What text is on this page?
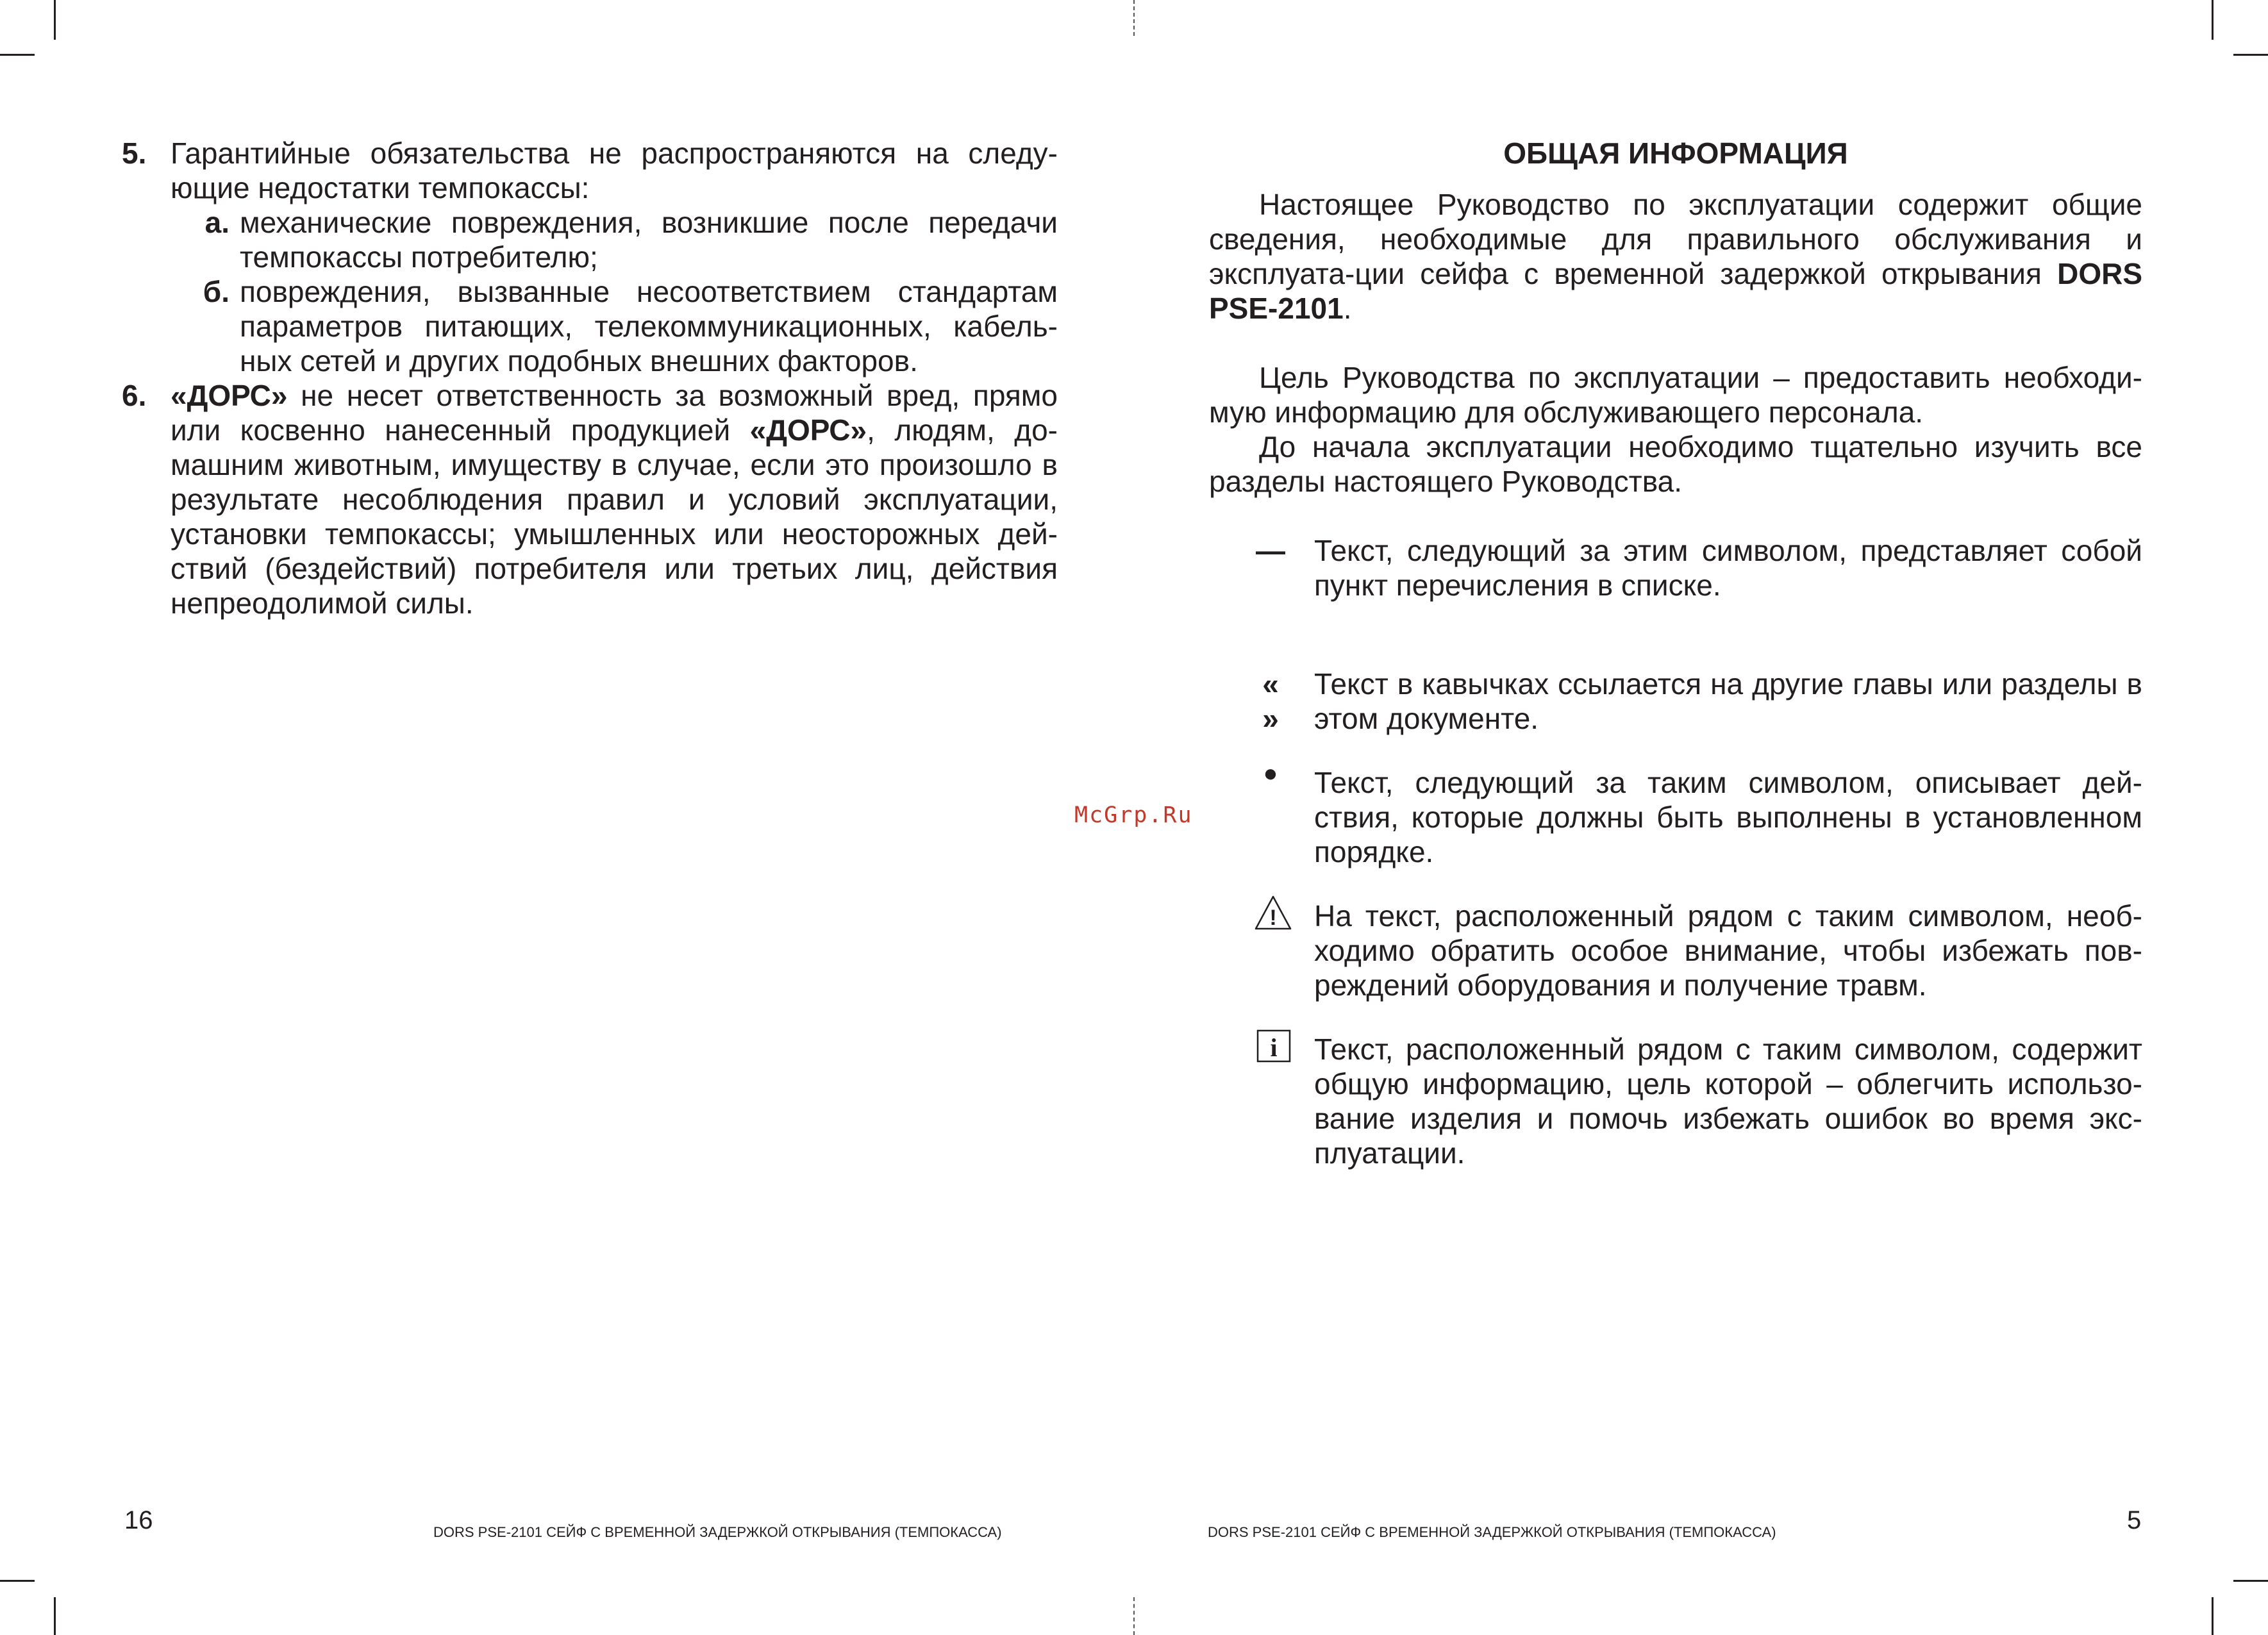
5. Гарантийные обязательства не распространяются на следу-ющие недостатки темпокассы:
а. механические повреждения, возникшие после передачи темпокассы потребителю;
б. повреждения, вызванные несоответствием стандартам параметров питающих, телекоммуникационных, кабель-ных сетей и других подобных внешних факторов.
6. «ДОРС» не несет ответственность за возможный вред, прямо или косвенно нанесенный продукцией «ДОРС», людям, до-машним животным, имуществу в случае, если это произошло в результате несоблюдения правил и условий эксплуатации, установки темпокассы; умышленных или неосторожных дей-ствий (бездействий) потребителя или третьих лиц, действия непреодолимой силы.
16	DORS PSE-2101 СЕЙФ С ВРЕМЕННОЙ ЗАДЕРЖКОЙ ОТКРЫВАНИЯ (ТЕМПОКАССА)
McGrp.Ru
ОБЩАЯ ИНФОРМАЦИЯ

Настоящее Руководство по эксплуатации содержит общие сведения, необходимые для правильного обслуживания и эксплуата-ции сейфа с временной задержкой открывания DORS PSE-2101.

Цель Руководства по эксплуатации – предоставить необходи-мую информацию для обслуживающего персонала.

До начала эксплуатации необходимо тщательно изучить все разделы настоящего Руководства.

— Текст, следующий за этим символом, представляет собой пункт перечисления в списке.
« »
Текст в кавычках ссылается на другие главы или разделы в этом документе.
●	Текст, следующий за таким символом, описывает дей-ствия, которые должны быть выполнены в установленном порядке.
! На текст, расположенный рядом с таким символом, необ-ходимо обратить особое внимание, чтобы избежать пов-реждений оборудования и получение травм.
i Текст, расположенный рядом с таким символом, содержит общую информацию, цель которой – облегчить использо-вание изделия и помочь избежать ошибок во время экс-плуатации.
DORS PSE-2101 СЕЙФ С ВРЕМЕННОЙ ЗАДЕРЖКОЙ ОТКРЫВАНИЯ (ТЕМПОКАССА)	5
